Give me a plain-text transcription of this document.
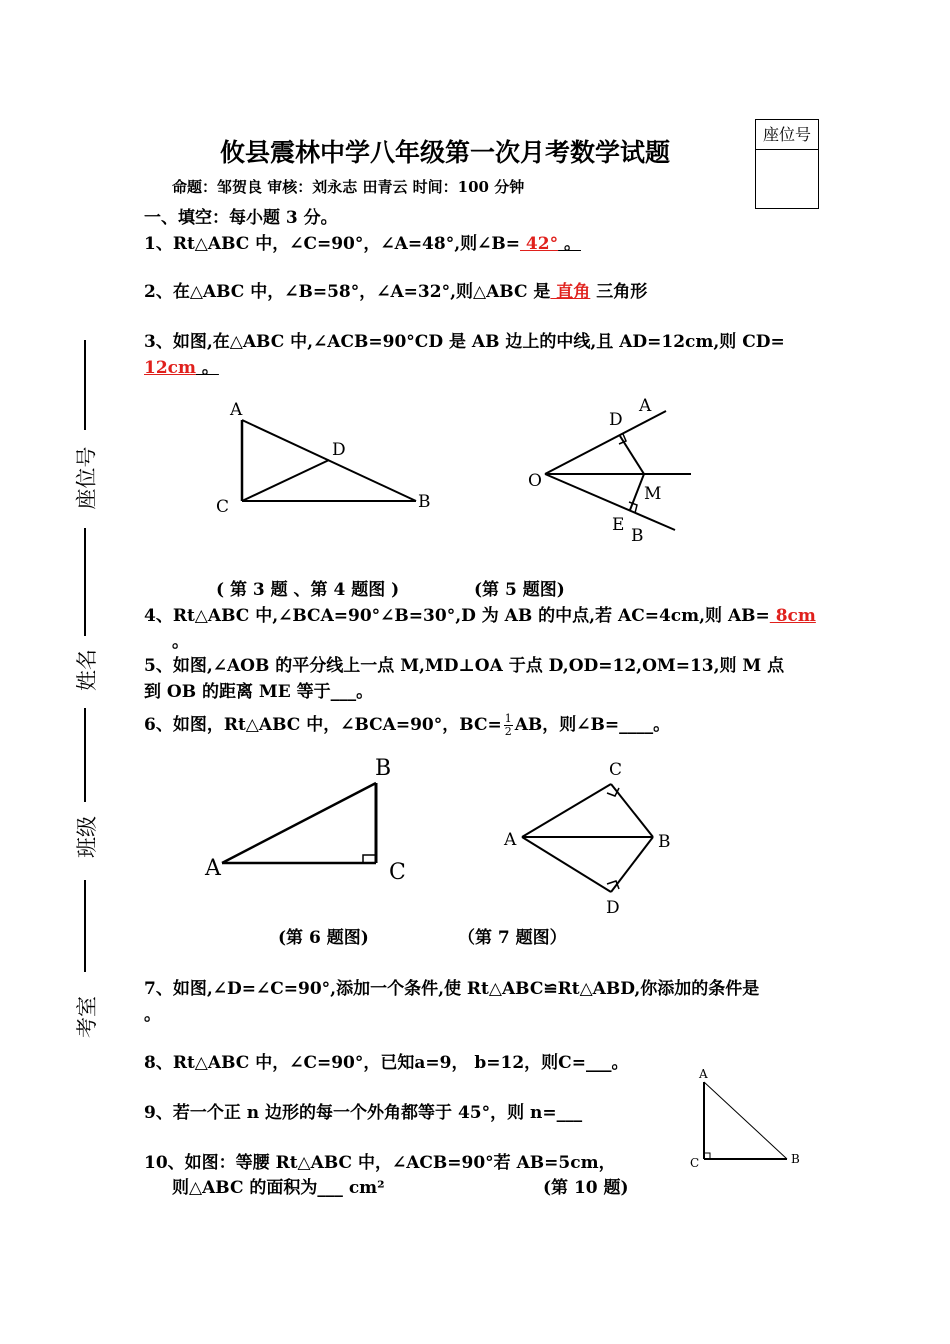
座位号
座位号
姓名
班级
考室
攸县震林中学八年级第一次月考数学试题
命题：邹贺良 审核：刘永志 田青云 时间：100 分钟
一、填空：每小题 3 分。
1、Rt△ABC 中，∠C=90°，∠A=48°,则∠B= 42° 。
2、在△ABC 中，∠B=58°，∠A=32°,则△ABC 是 直角 三角形
3、如图,在△ABC 中,∠ACB=90°CD 是 AB 边上的中线,且 AD=12cm,则 CD=
12cm 。
A
C
D
B
O
D
A
M
E
B
( 第 3 题 、第 4 题图 )	(第 5 题图)
4、Rt△ABC 中,∠BCA=90°∠B=30°,D 为 AB 的中点,若 AC=4cm,则 AB= 8cm
。
5、如图,∠AOB 的平分线上一点 M,MD⊥OA 于点 D,OD=12,OM=13,则 M 点
到 OB 的距离 ME 等于___。
6、如图，Rt△ABC 中，∠BCA=90°，$BC= \frac{1}{2}$ AB，则∠B=____。
A
B
C
A
C
B
D
(第 6 题图)	（第 7 题图）
7、如图,∠D=∠C=90°,添加一个条件,使 Rt△ABC≌Rt△ABD,你添加的条件是
。
8、Rt△ABC 中，∠C=90°，已知a=9， b=12，则C=___。
9、若一个正 n 边形的每一个外角都等于 45°，则 n=___
10、如图：等腰 Rt△ABC 中，∠ACB=90°若 AB=5cm，
则△ABC 的面积为___ cm²	(第 10 题)
A
C	B
